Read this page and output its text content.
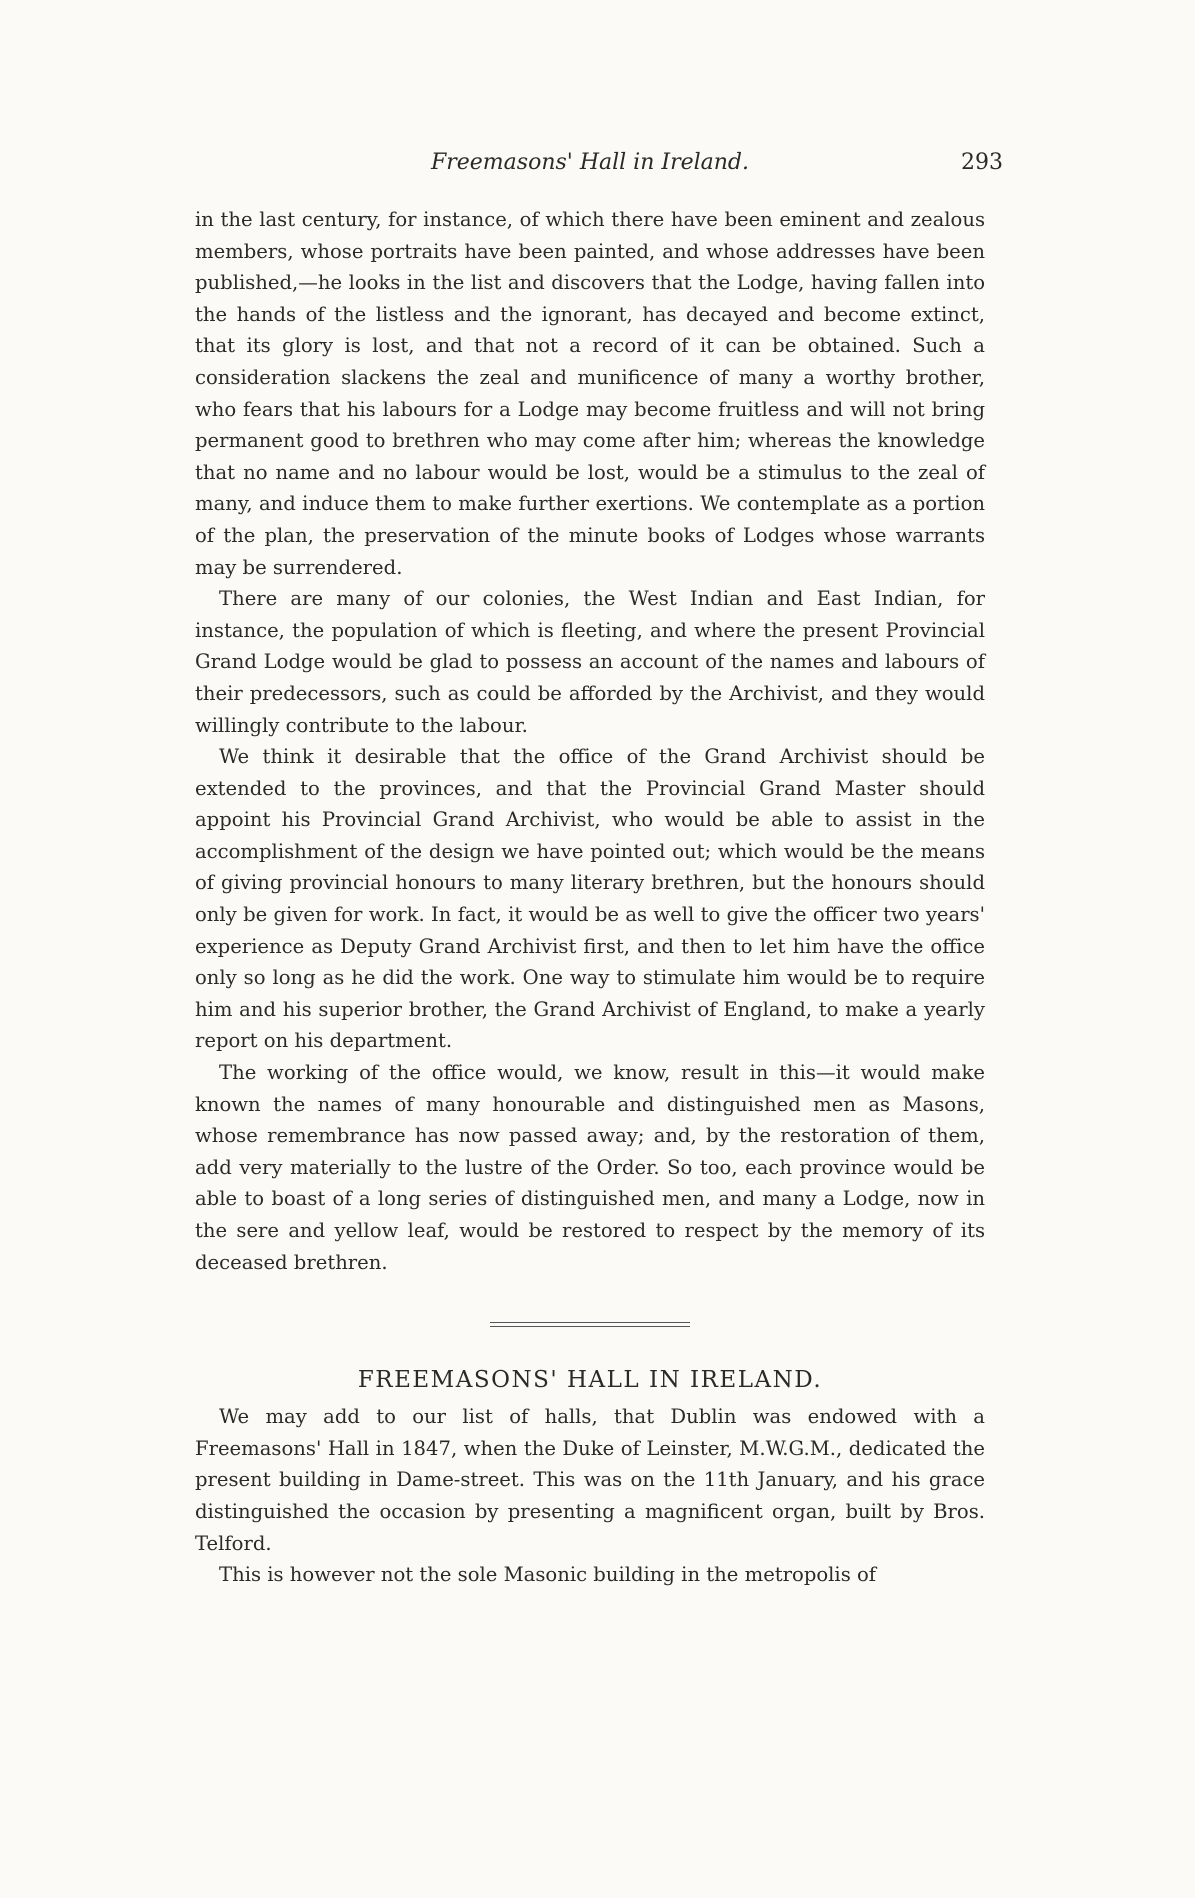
Freemasons' Hall in Ireland.	293

in the last century, for instance, of which there have been eminent and zealous members, whose portraits have been painted, and whose addresses have been published,—he looks in the list and discovers that the Lodge, having fallen into the hands of the listless and the ignorant, has decayed and become extinct, that its glory is lost, and that not a record of it can be obtained. Such a consideration slackens the zeal and munificence of many a worthy brother, who fears that his labours for a Lodge may become fruitless and will not bring permanent good to brethren who may come after him; whereas the knowledge that no name and no labour would be lost, would be a stimulus to the zeal of many, and induce them to make further exertions. We contemplate as a portion of the plan, the preservation of the minute books of Lodges whose warrants may be surrendered.

There are many of our colonies, the West Indian and East Indian, for instance, the population of which is fleeting, and where the present Provincial Grand Lodge would be glad to possess an account of the names and labours of their predecessors, such as could be afforded by the Archivist, and they would willingly contribute to the labour.

We think it desirable that the office of the Grand Archivist should be extended to the provinces, and that the Provincial Grand Master should appoint his Provincial Grand Archivist, who would be able to assist in the accomplishment of the design we have pointed out; which would be the means of giving provincial honours to many literary brethren, but the honours should only be given for work. In fact, it would be as well to give the officer two years' experience as Deputy Grand Archivist first, and then to let him have the office only so long as he did the work. One way to stimulate him would be to require him and his superior brother, the Grand Archivist of England, to make a yearly report on his department.

The working of the office would, we know, result in this—it would make known the names of many honourable and distinguished men as Masons, whose remembrance has now passed away; and, by the restoration of them, add very materially to the lustre of the Order. So too, each province would be able to boast of a long series of distinguished men, and many a Lodge, now in the sere and yellow leaf, would be restored to respect by the memory of its deceased brethren.

FREEMASONS' HALL IN IRELAND.

We may add to our list of halls, that Dublin was endowed with a Freemasons' Hall in 1847, when the Duke of Leinster, M.W.G.M., dedicated the present building in Dame-street. This was on the 11th January, and his grace distinguished the occasion by presenting a magnificent organ, built by Bros. Telford.

This is however not the sole Masonic building in the metropolis of
